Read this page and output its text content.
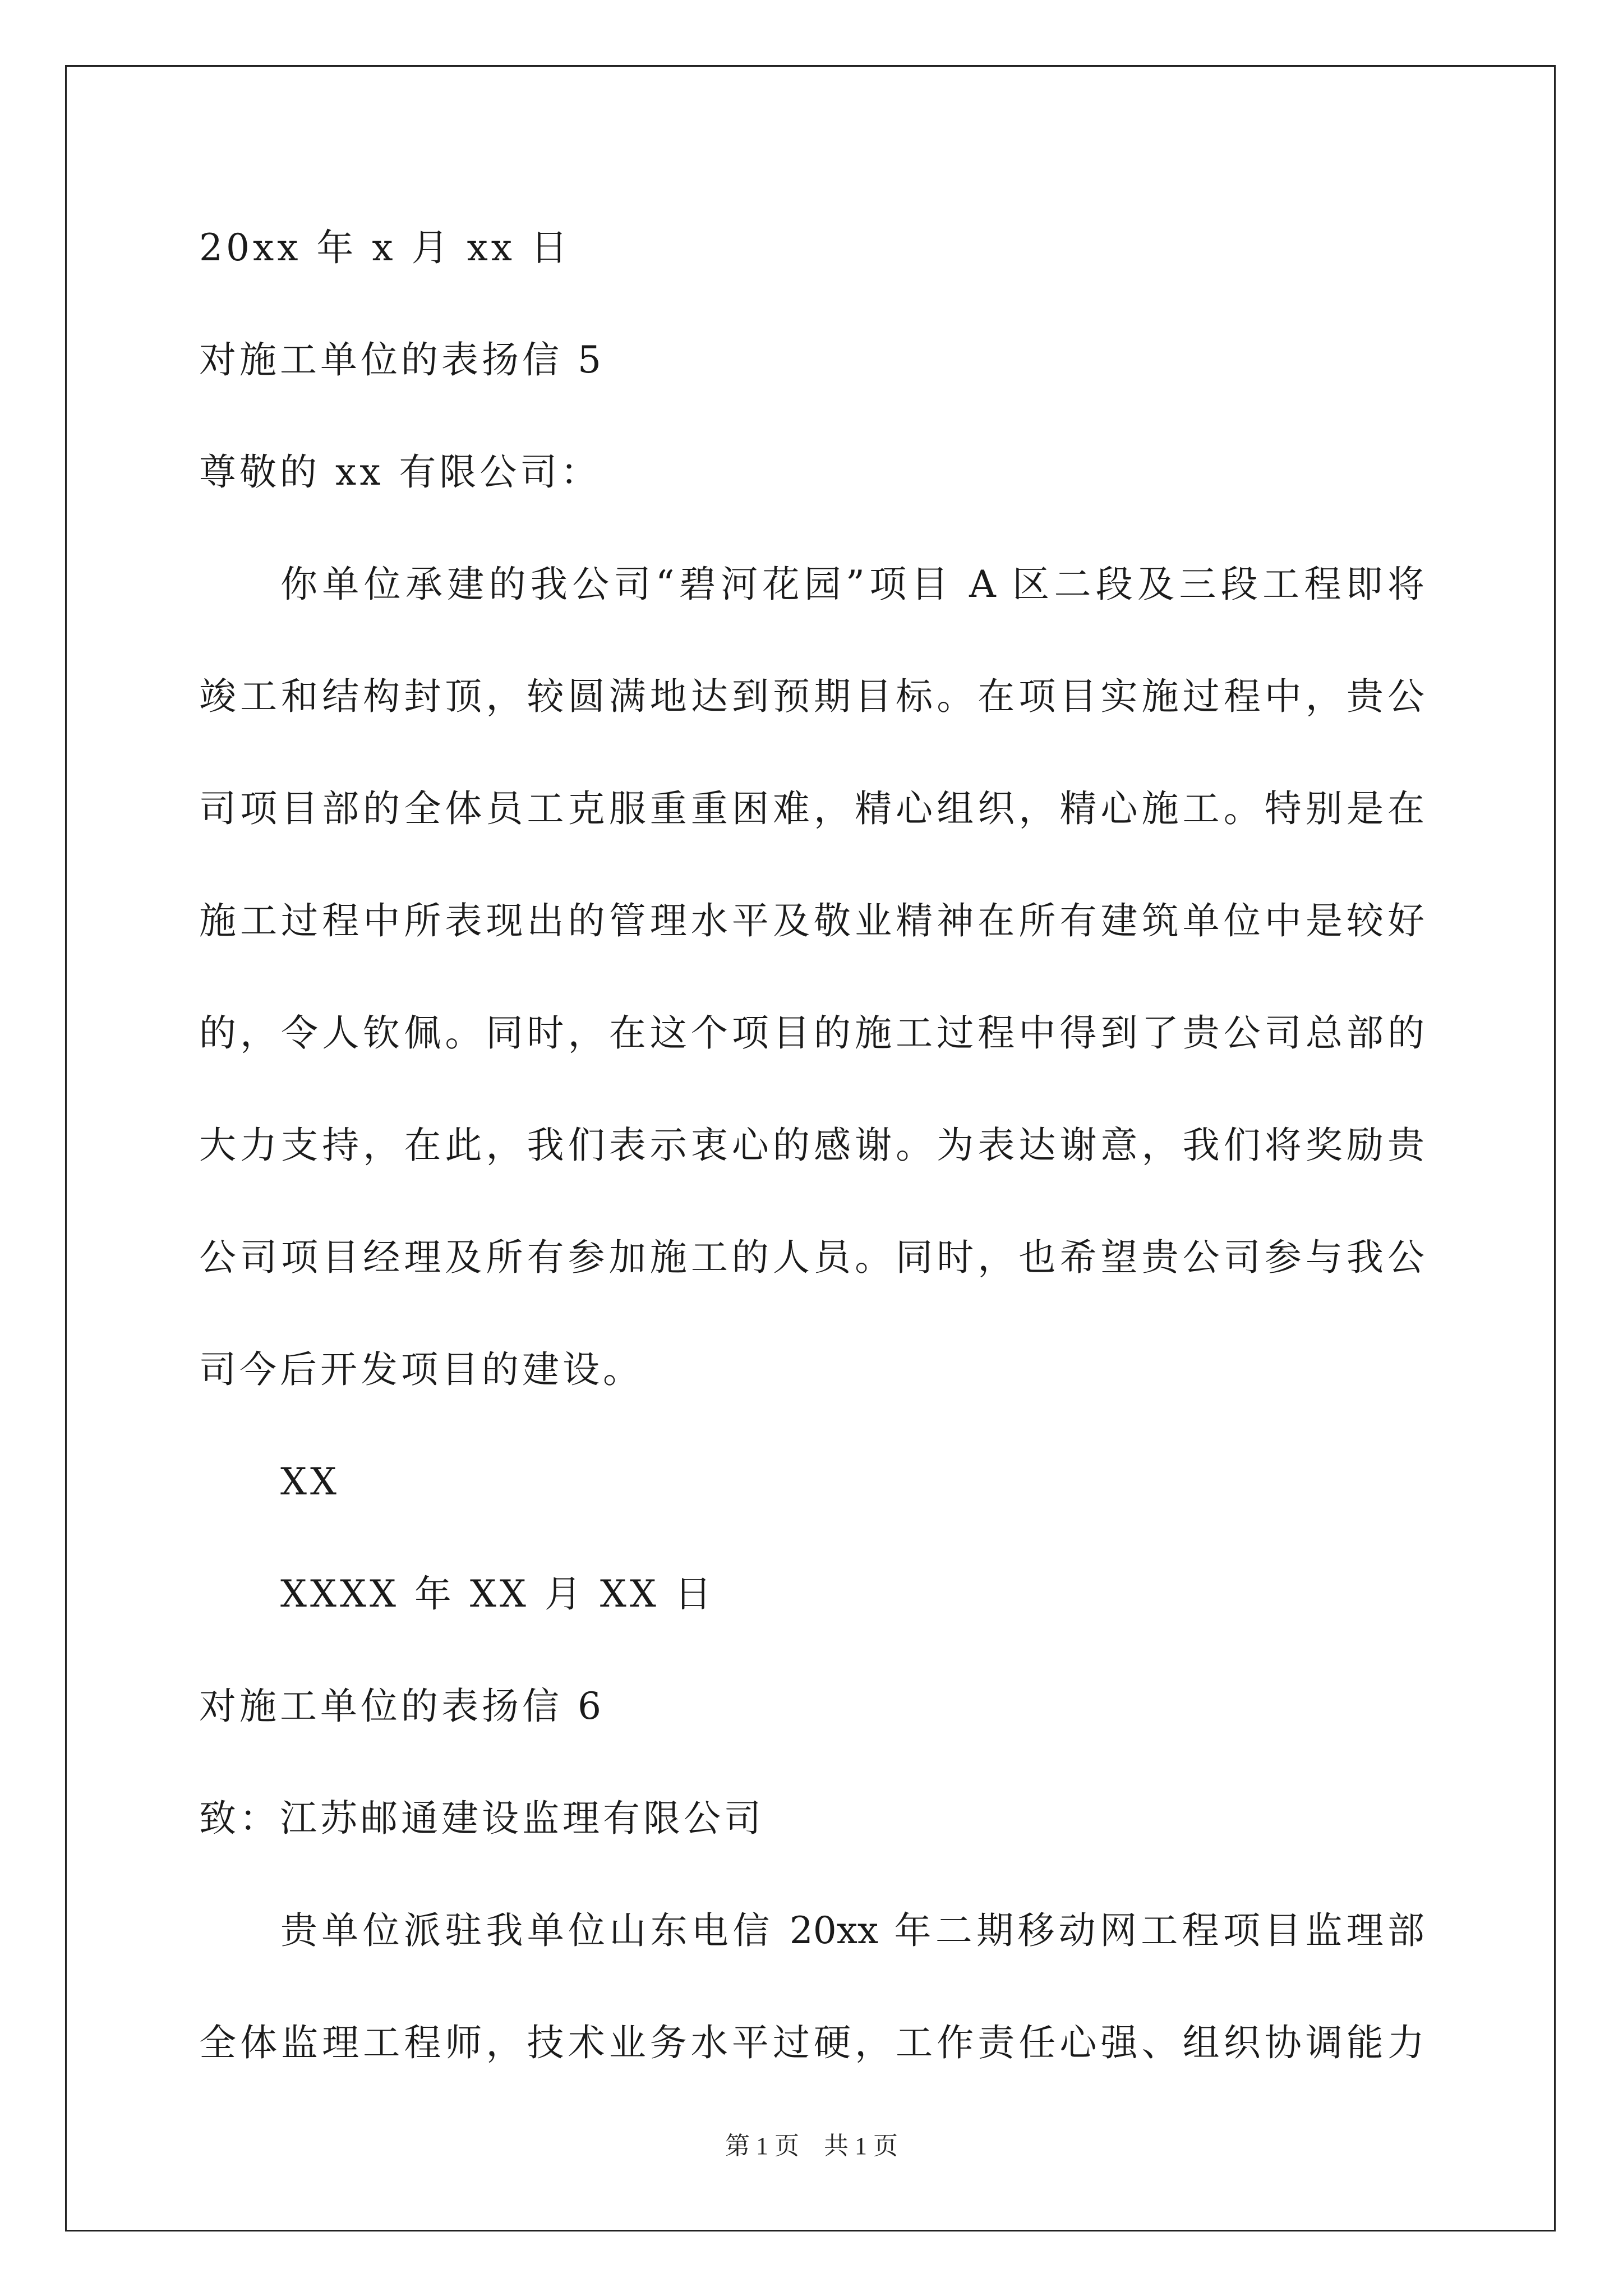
20xx 年 x 月 xx 日
对施工单位的表扬信 5
尊敬的 xx 有限公司：
你单位承建的我公司“碧河花园”项目 A 区二段及三段工程即将
竣工和结构封顶，较圆满地达到预期目标。在项目实施过程中，贵公
司项目部的全体员工克服重重困难，精心组织，精心施工。特别是在
施工过程中所表现出的管理水平及敬业精神在所有建筑单位中是较好
的，令人钦佩。同时，在这个项目的施工过程中得到了贵公司总部的
大力支持，在此，我们表示衷心的感谢。为表达谢意，我们将奖励贵
公司项目经理及所有参加施工的人员。同时，也希望贵公司参与我公
司今后开发项目的建设。
XX
XXXX 年 XX 月 XX 日
对施工单位的表扬信 6
致：江苏邮通建设监理有限公司
贵单位派驻我单位山东电信 20xx 年二期移动网工程项目监理部
全体监理工程师，技术业务水平过硬，工作责任心强、组织协调能力
第 1 页 共 1 页
